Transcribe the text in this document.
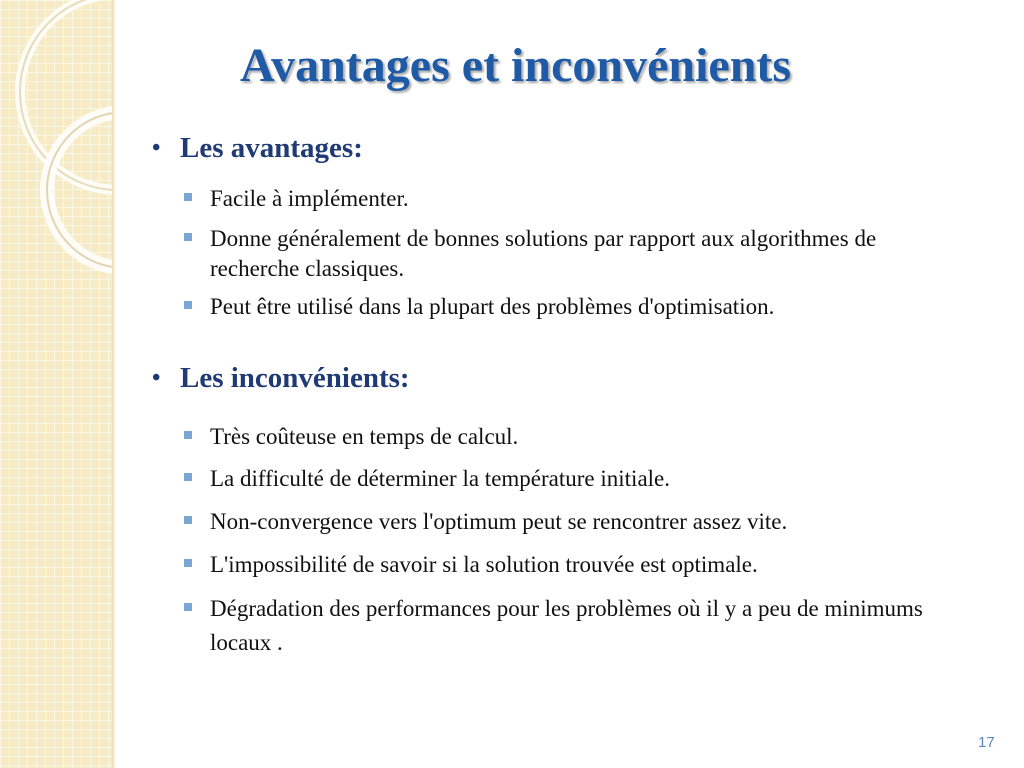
Avantages et inconvénients
• Les avantages:
Facile à implémenter.
Donne généralement de bonnes solutions par rapport aux algorithmes de recherche classiques.
Peut être utilisé dans la plupart des problèmes d'optimisation.
• Les inconvénients:
Très coûteuse en temps de calcul.
La difficulté de déterminer la température initiale.
Non-convergence vers l'optimum peut se rencontrer assez vite.
L'impossibilité de savoir si la solution trouvée est optimale.
Dégradation des performances pour les problèmes où il y a peu de minimums locaux .
17
